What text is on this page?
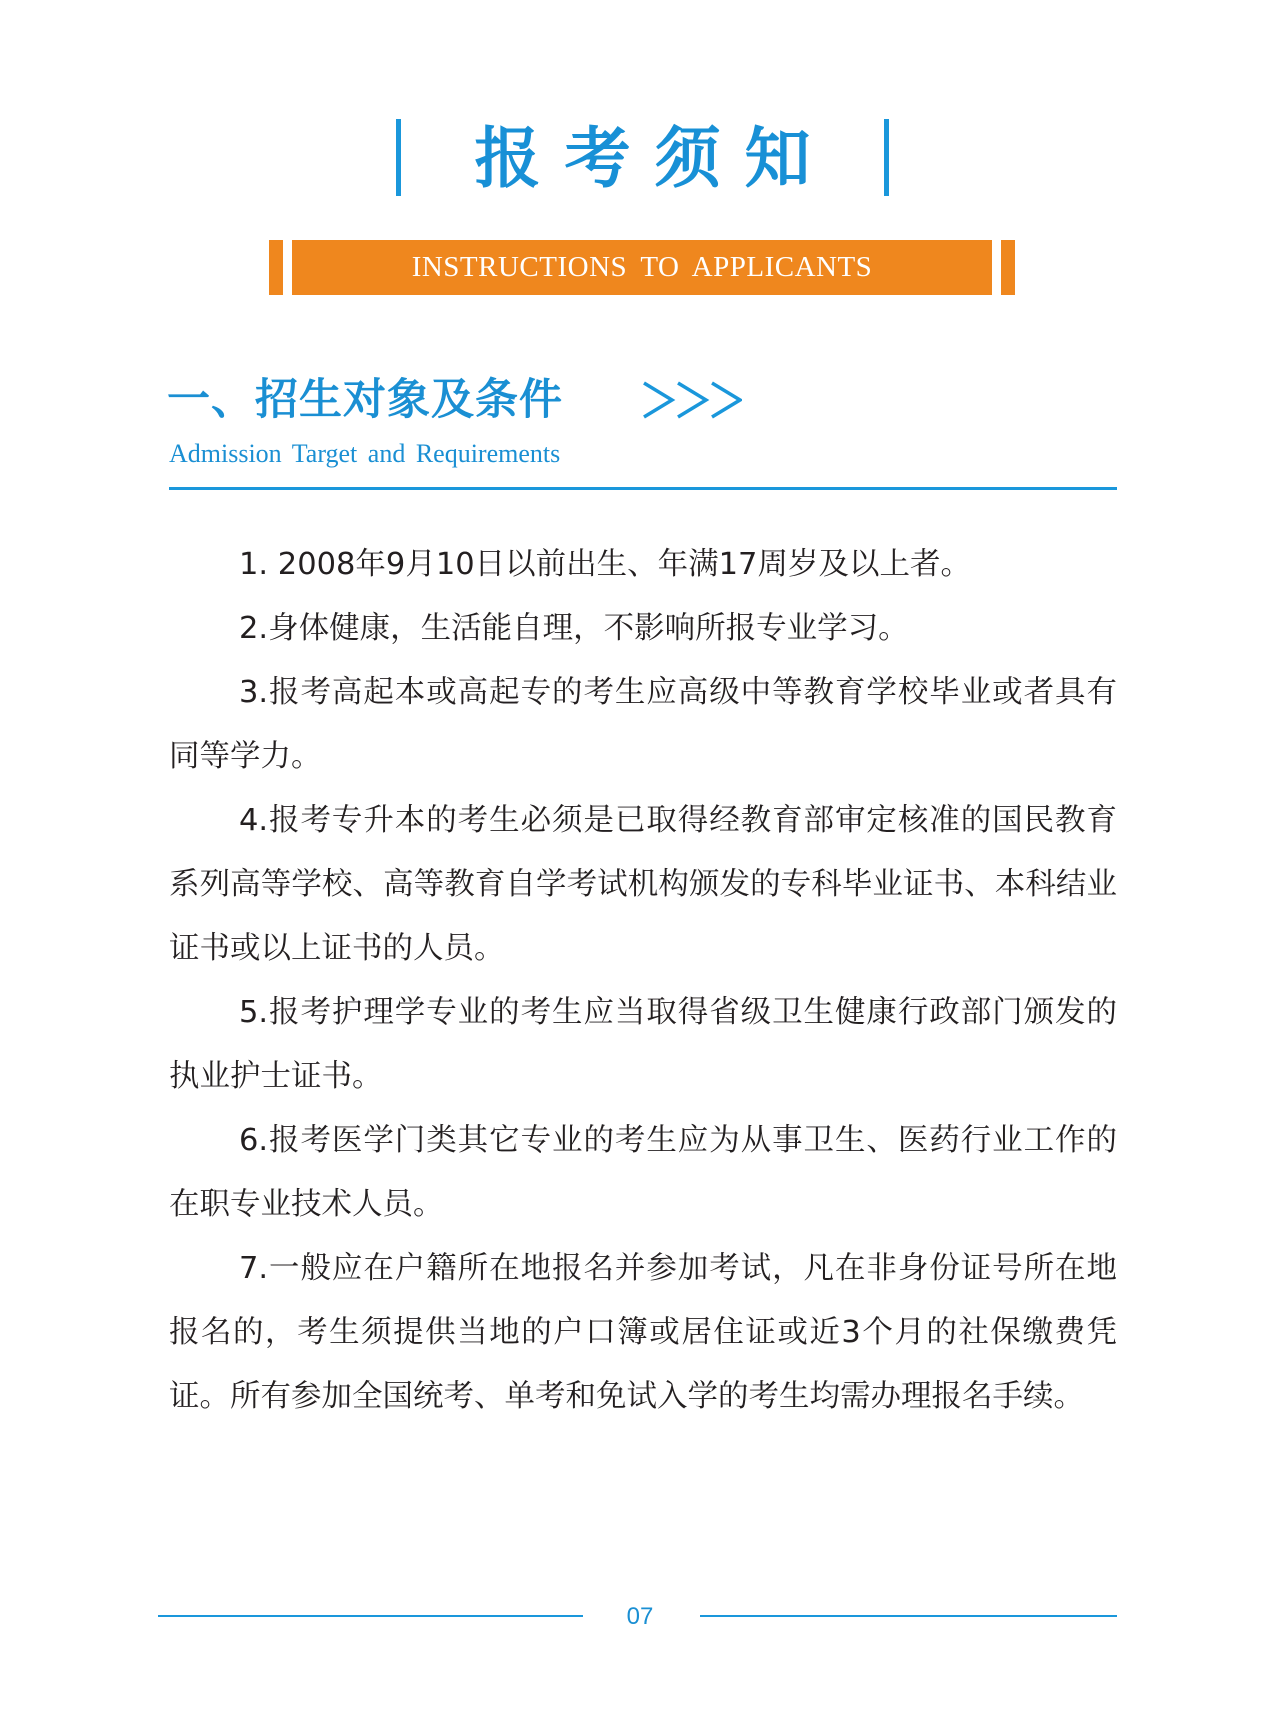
报考须知
INSTRUCTIONS TO APPLICANTS
一、招生对象及条件
Admission Target and Requirements

1. 2008年9月10日以前出生、年满17周岁及以上者。

2.身体健康，生活能自理，不影响所报专业学习。

3.报考高起本或高起专的考生应高级中等教育学校毕业或者具有同等学力。

4.报考专升本的考生必须是已取得经教育部审定核准的国民教育系列高等学校、高等教育自学考试机构颁发的专科毕业证书、本科结业证书或以上证书的人员。

5.报考护理学专业的考生应当取得省级卫生健康行政部门颁发的执业护士证书。

6.报考医学门类其它专业的考生应为从事卫生、医药行业工作的在职专业技术人员。

7.一般应在户籍所在地报名并参加考试，凡在非身份证号所在地报名的，考生须提供当地的户口簿或居住证或近3个月的社保缴费凭证。所有参加全国统考、单考和免试入学的考生均需办理报名手续。

07
